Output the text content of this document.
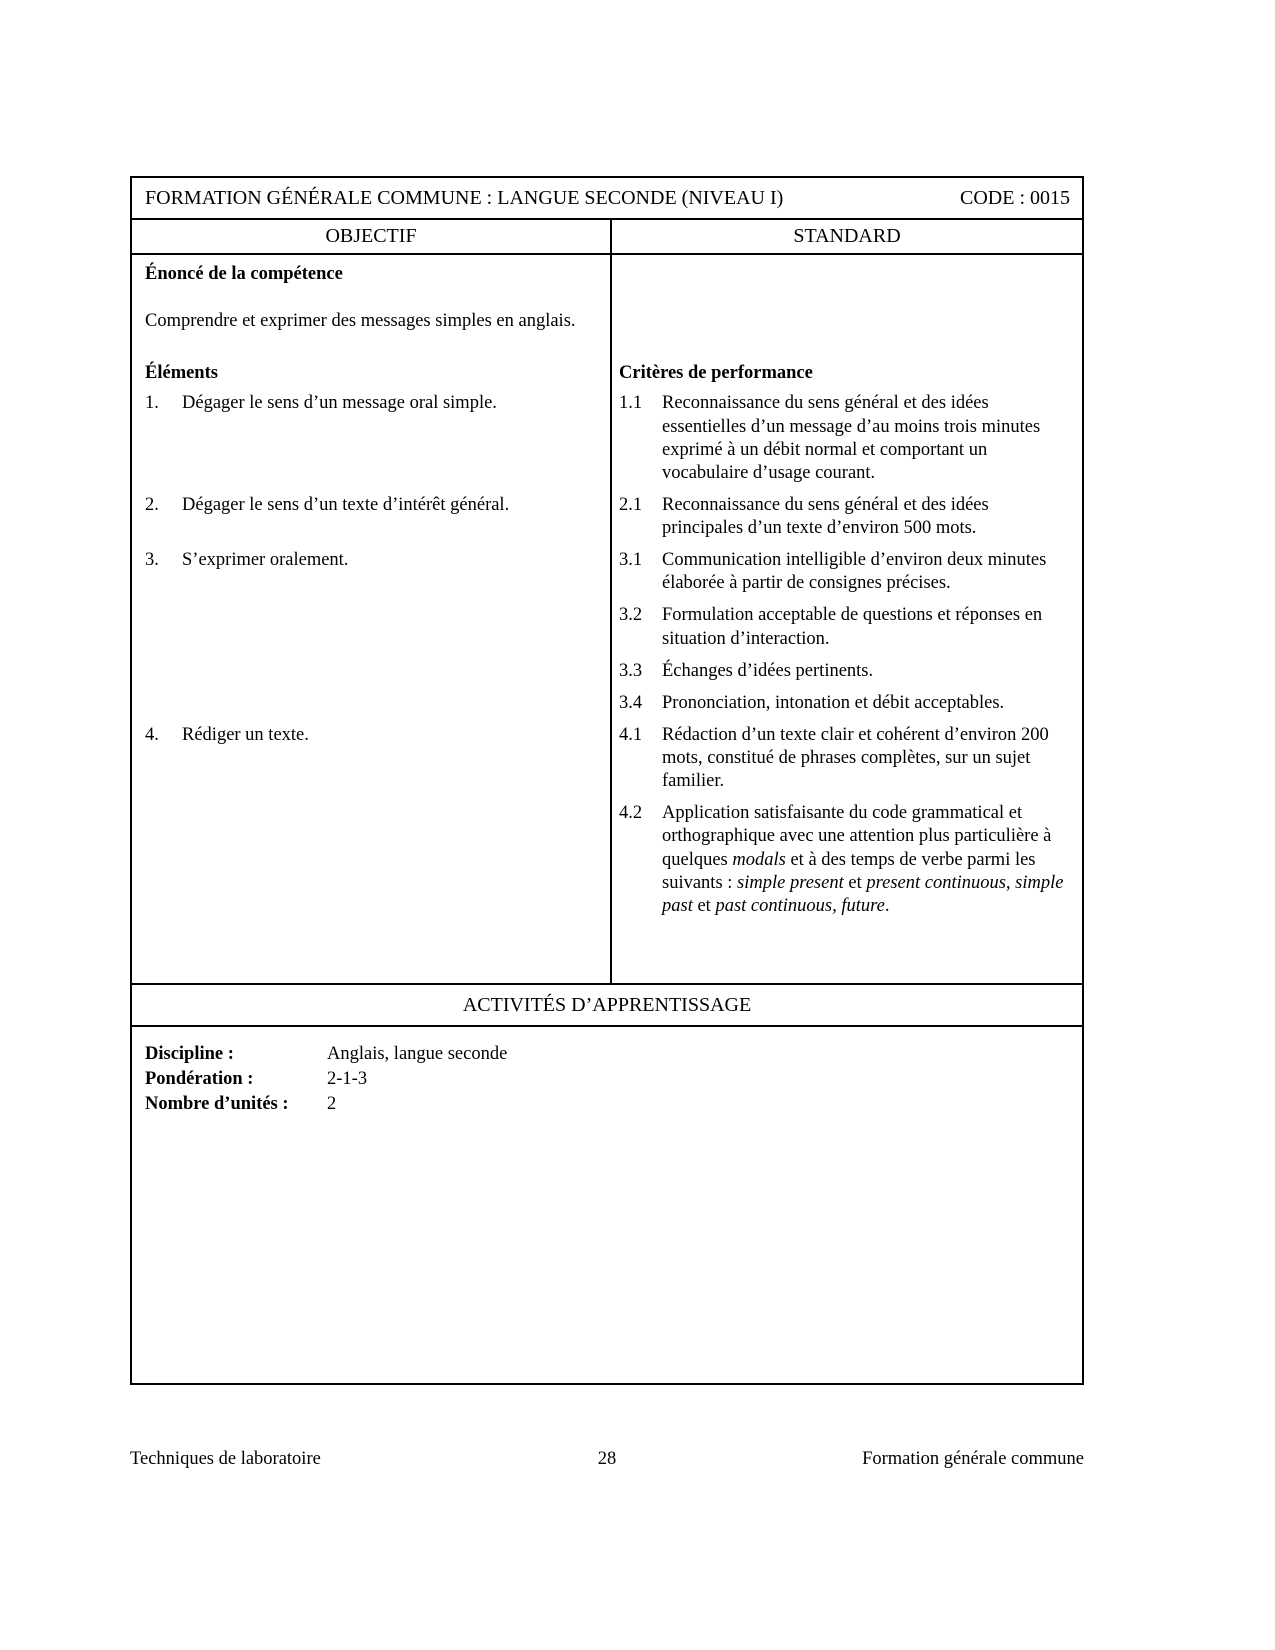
FORMATION GÉNÉRALE COMMUNE : LANGUE SECONDE (NIVEAU I)	CODE : 0015
OBJECTIF	STANDARD
Énoncé de la compétence
Comprendre et exprimer des messages simples en anglais.
Éléments	Critères de performance
1.	Dégager le sens d’un message oral simple.	1.1	Reconnaissance du sens général et des idées essentielles d’un message d’au moins trois minutes exprimé à un débit normal et comportant un vocabulaire d’usage courant.
2.	Dégager le sens d’un texte d’intérêt général.	2.1	Reconnaissance du sens général et des idées principales d’un texte d’environ 500 mots.
3.	S’exprimer oralement.	3.1	Communication intelligible d’environ deux minutes élaborée à partir de consignes précises.
3.2	Formulation acceptable de questions et réponses en situation d’interaction.
3.3	Échanges d’idées pertinents.
3.4	Prononciation, intonation et débit acceptables.
4.	Rédiger un texte.	4.1	Rédaction d’un texte clair et cohérent d’environ 200 mots, constitué de phrases complètes, sur un sujet familier.
4.2	Application satisfaisante du code grammatical et orthographique avec une attention plus particulière à quelques modals et à des temps de verbe parmi les suivants : simple present et present continuous, simple past et past continuous, future.
ACTIVITÉS D’APPRENTISSAGE
Discipline :	Anglais, langue seconde
Pondération :	2-1-3
Nombre d’unités :	2
Techniques de laboratoire	28	Formation générale commune
